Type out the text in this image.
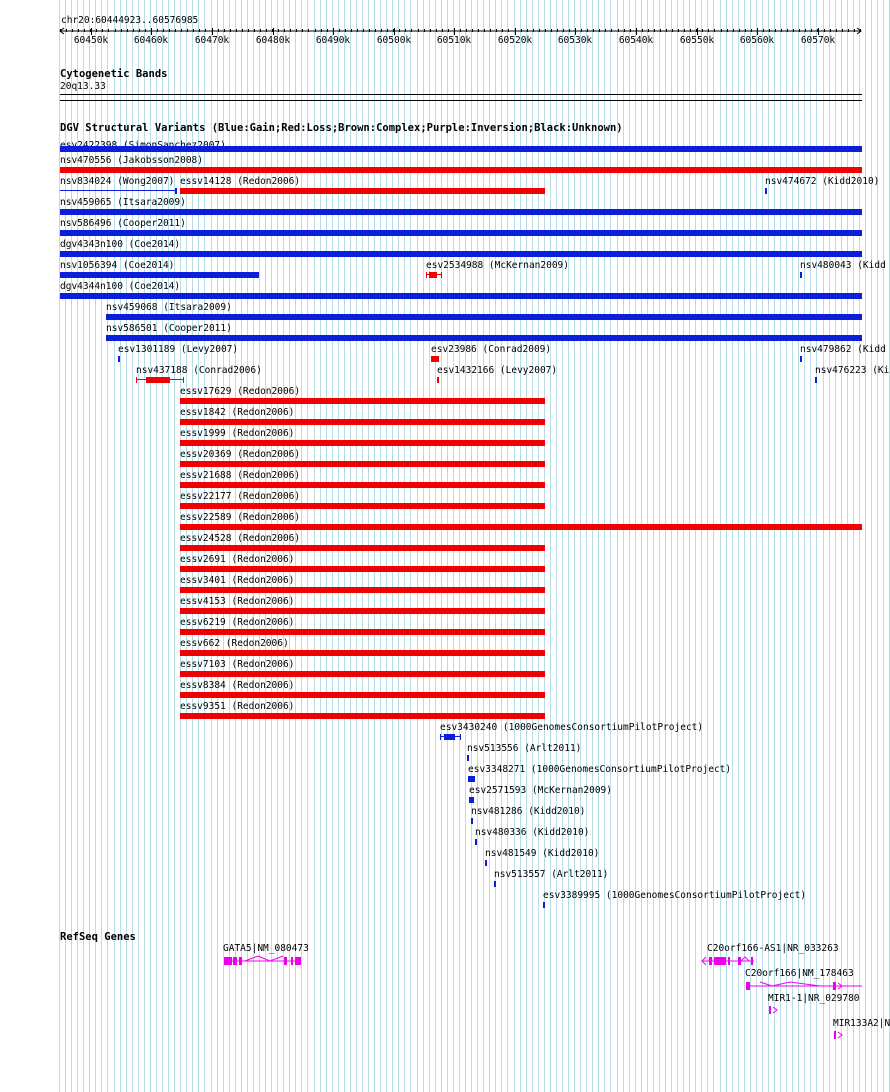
chr20:60444923..60576985
60450k	60460k	60470k	60480k	60490k	60500k	60510k	60520k	60530k	60540k	60550k	60560k	60570k
Cytogenetic Bands
20q13.33
DGV Structural Variants (Blue:Gain;Red:Loss;Brown:Complex;Purple:Inversion;Black:Unknown)
nsv470556 (Jakobsson2008)
nsv834024 (Wong2007) essv14128 (Redon2006)	nsv474672 (Kidd2010)
nsv459065 (Itsara2009)
nsv586496 (Cooper2011)
dgv4343n100 (Coe2014)
nsv1056394 (Coe2014)	esv2534988 (McKernan2009)	nsv480043 (Kidd
dgv4344n100 (Coe2014)
nsv459068 (Itsara2009)
nsv586501 (Cooper2011)
esv1301189 (Levy2007)	esv23986 (Conrad2009)	nsv479862 (Kidd
nsv437188 (Conrad2006)	esv1432166 (Levy2007)	nsv476223 (Ki
essv17629 (Redon2006)
essv1842 (Redon2006)
essv1999 (Redon2006)
essv20369 (Redon2006)
essv21688 (Redon2006)
essv22177 (Redon2006)
essv22589 (Redon2006)
essv24528 (Redon2006)
essv2691 (Redon2006)
essv3401 (Redon2006)
essv4153 (Redon2006)
essv6219 (Redon2006)
essv662 (Redon2006)
essv7103 (Redon2006)
essv8384 (Redon2006)
essv9351 (Redon2006)
esv3430240 (1000GenomesConsortiumPilotProject)
nsv513556 (Arlt2011)
esv3348271 (1000GenomesConsortiumPilotProject)
esv2571593 (McKernan2009)
nsv481286 (Kidd2010)
nsv480336 (Kidd2010)
nsv481549 (Kidd2010)
nsv513557 (Arlt2011)
esv3389995 (1000GenomesConsortiumPilotProject)
RefSeq Genes
GATA5|NM_080473	C20orf166-AS1|NR_033263
C20orf166|NM_178463
MIR1-1|NR_029780
MIR133A2|N
